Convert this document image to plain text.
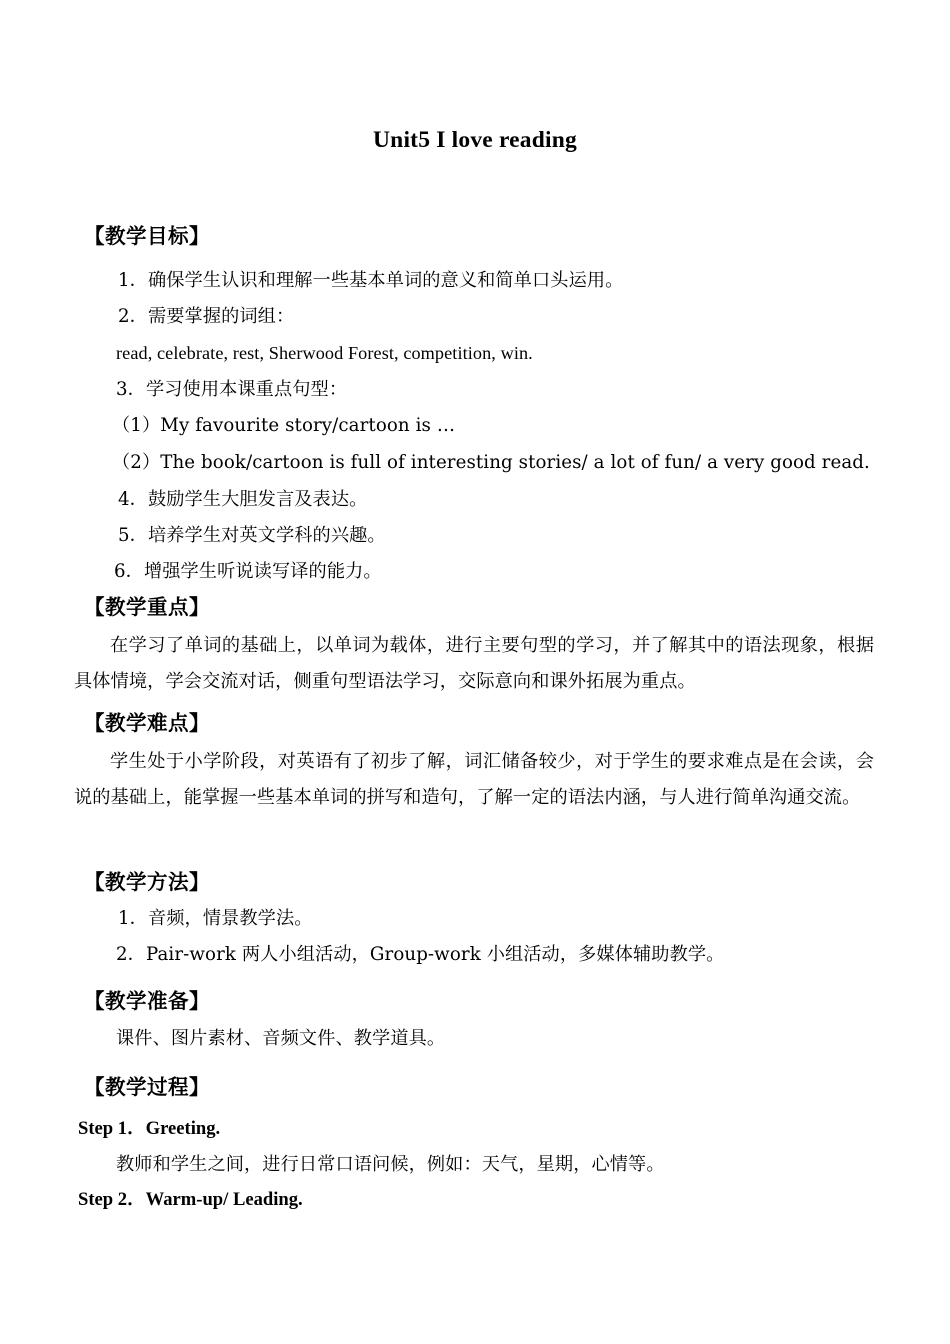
Unit5 I love reading
【教学目标】
1．确保学生认识和理解一些基本单词的意义和简单口头运用。
2．需要掌握的词组：
read, celebrate, rest, Sherwood Forest, competition, win.
3．学习使用本课重点句型：
（1）My favourite story/cartoon is …
（2）The book/cartoon is full of interesting stories/ a lot of fun/ a very good read.
4．鼓励学生大胆发言及表达。
5．培养学生对英文学科的兴趣。
6．增强学生听说读写译的能力。
【教学重点】
在学习了单词的基础上，以单词为载体，进行主要句型的学习，并了解其中的语法现象，根据具体情境，学会交流对话，侧重句型语法学习，交际意向和课外拓展为重点。
【教学难点】
学生处于小学阶段，对英语有了初步了解，词汇储备较少，对于学生的要求难点是在会读，会说的基础上，能掌握一些基本单词的拼写和造句，了解一定的语法内涵，与人进行简单沟通交流。
【教学方法】
1．音频，情景教学法。
2．Pair-work 两人小组活动，Group-work 小组活动，多媒体辅助教学。
【教学准备】
课件、图片素材、音频文件、教学道具。
【教学过程】
Step 1．Greeting.
教师和学生之间，进行日常口语问候，例如：天气，星期，心情等。
Step 2．Warm-up/ Leading.
